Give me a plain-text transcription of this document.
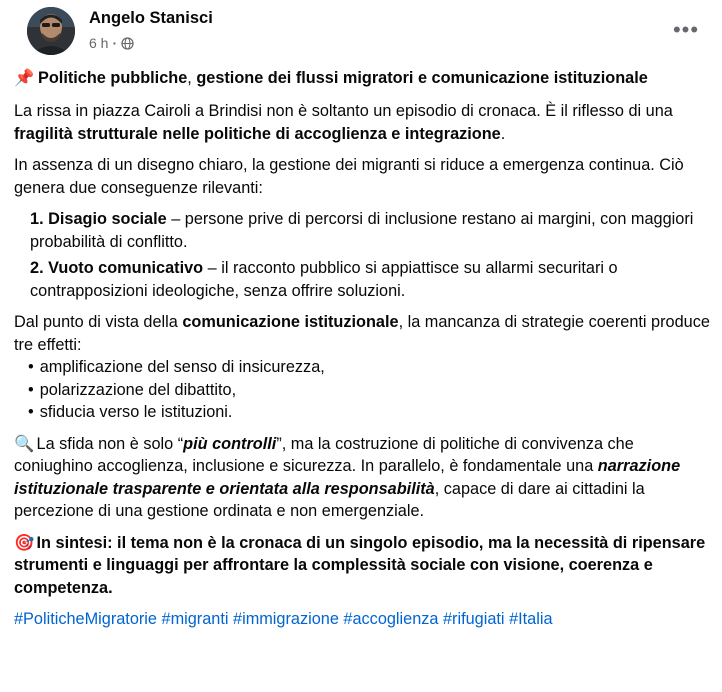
Angelo Stanisci
6 h ·
•••
📌 Politiche pubbliche, gestione dei flussi migratori e comunicazione istituzionale

La rissa in piazza Cairoli a Brindisi non è soltanto un episodio di cronaca. È il riflesso di una fragilità strutturale nelle politiche di accoglienza e integrazione.

In assenza di un disegno chiaro, la gestione dei migranti si riduce a emergenza continua. Ciò genera due conseguenze rilevanti:

1. Disagio sociale – persone prive di percorsi di inclusione restano ai margini, con maggiori probabilità di conflitto.
2. Vuoto comunicativo – il racconto pubblico si appiattisce su allarmi securitari o contrapposizioni ideologiche, senza offrire soluzioni.

Dal punto di vista della comunicazione istituzionale, la mancanza di strategie coerenti produce tre effetti:

• amplificazione del senso di insicurezza,
• polarizzazione del dibattito,
• sfiducia verso le istituzioni.

🔍 La sfida non è solo “più controlli”, ma la costruzione di politiche di convivenza che coniughino accoglienza, inclusione e sicurezza. In parallelo, è fondamentale una narrazione istituzionale trasparente e orientata alla responsabilità, capace di dare ai cittadini la percezione di una gestione ordinata e non emergenziale.

🎯 In sintesi: il tema non è la cronaca di un singolo episodio, ma la necessità di ripensare strumenti e linguaggi per affrontare la complessità sociale con visione, coerenza e competenza.

#PoliticheMigratorie #migranti #immigrazione #accoglienza #rifugiati #Italia
